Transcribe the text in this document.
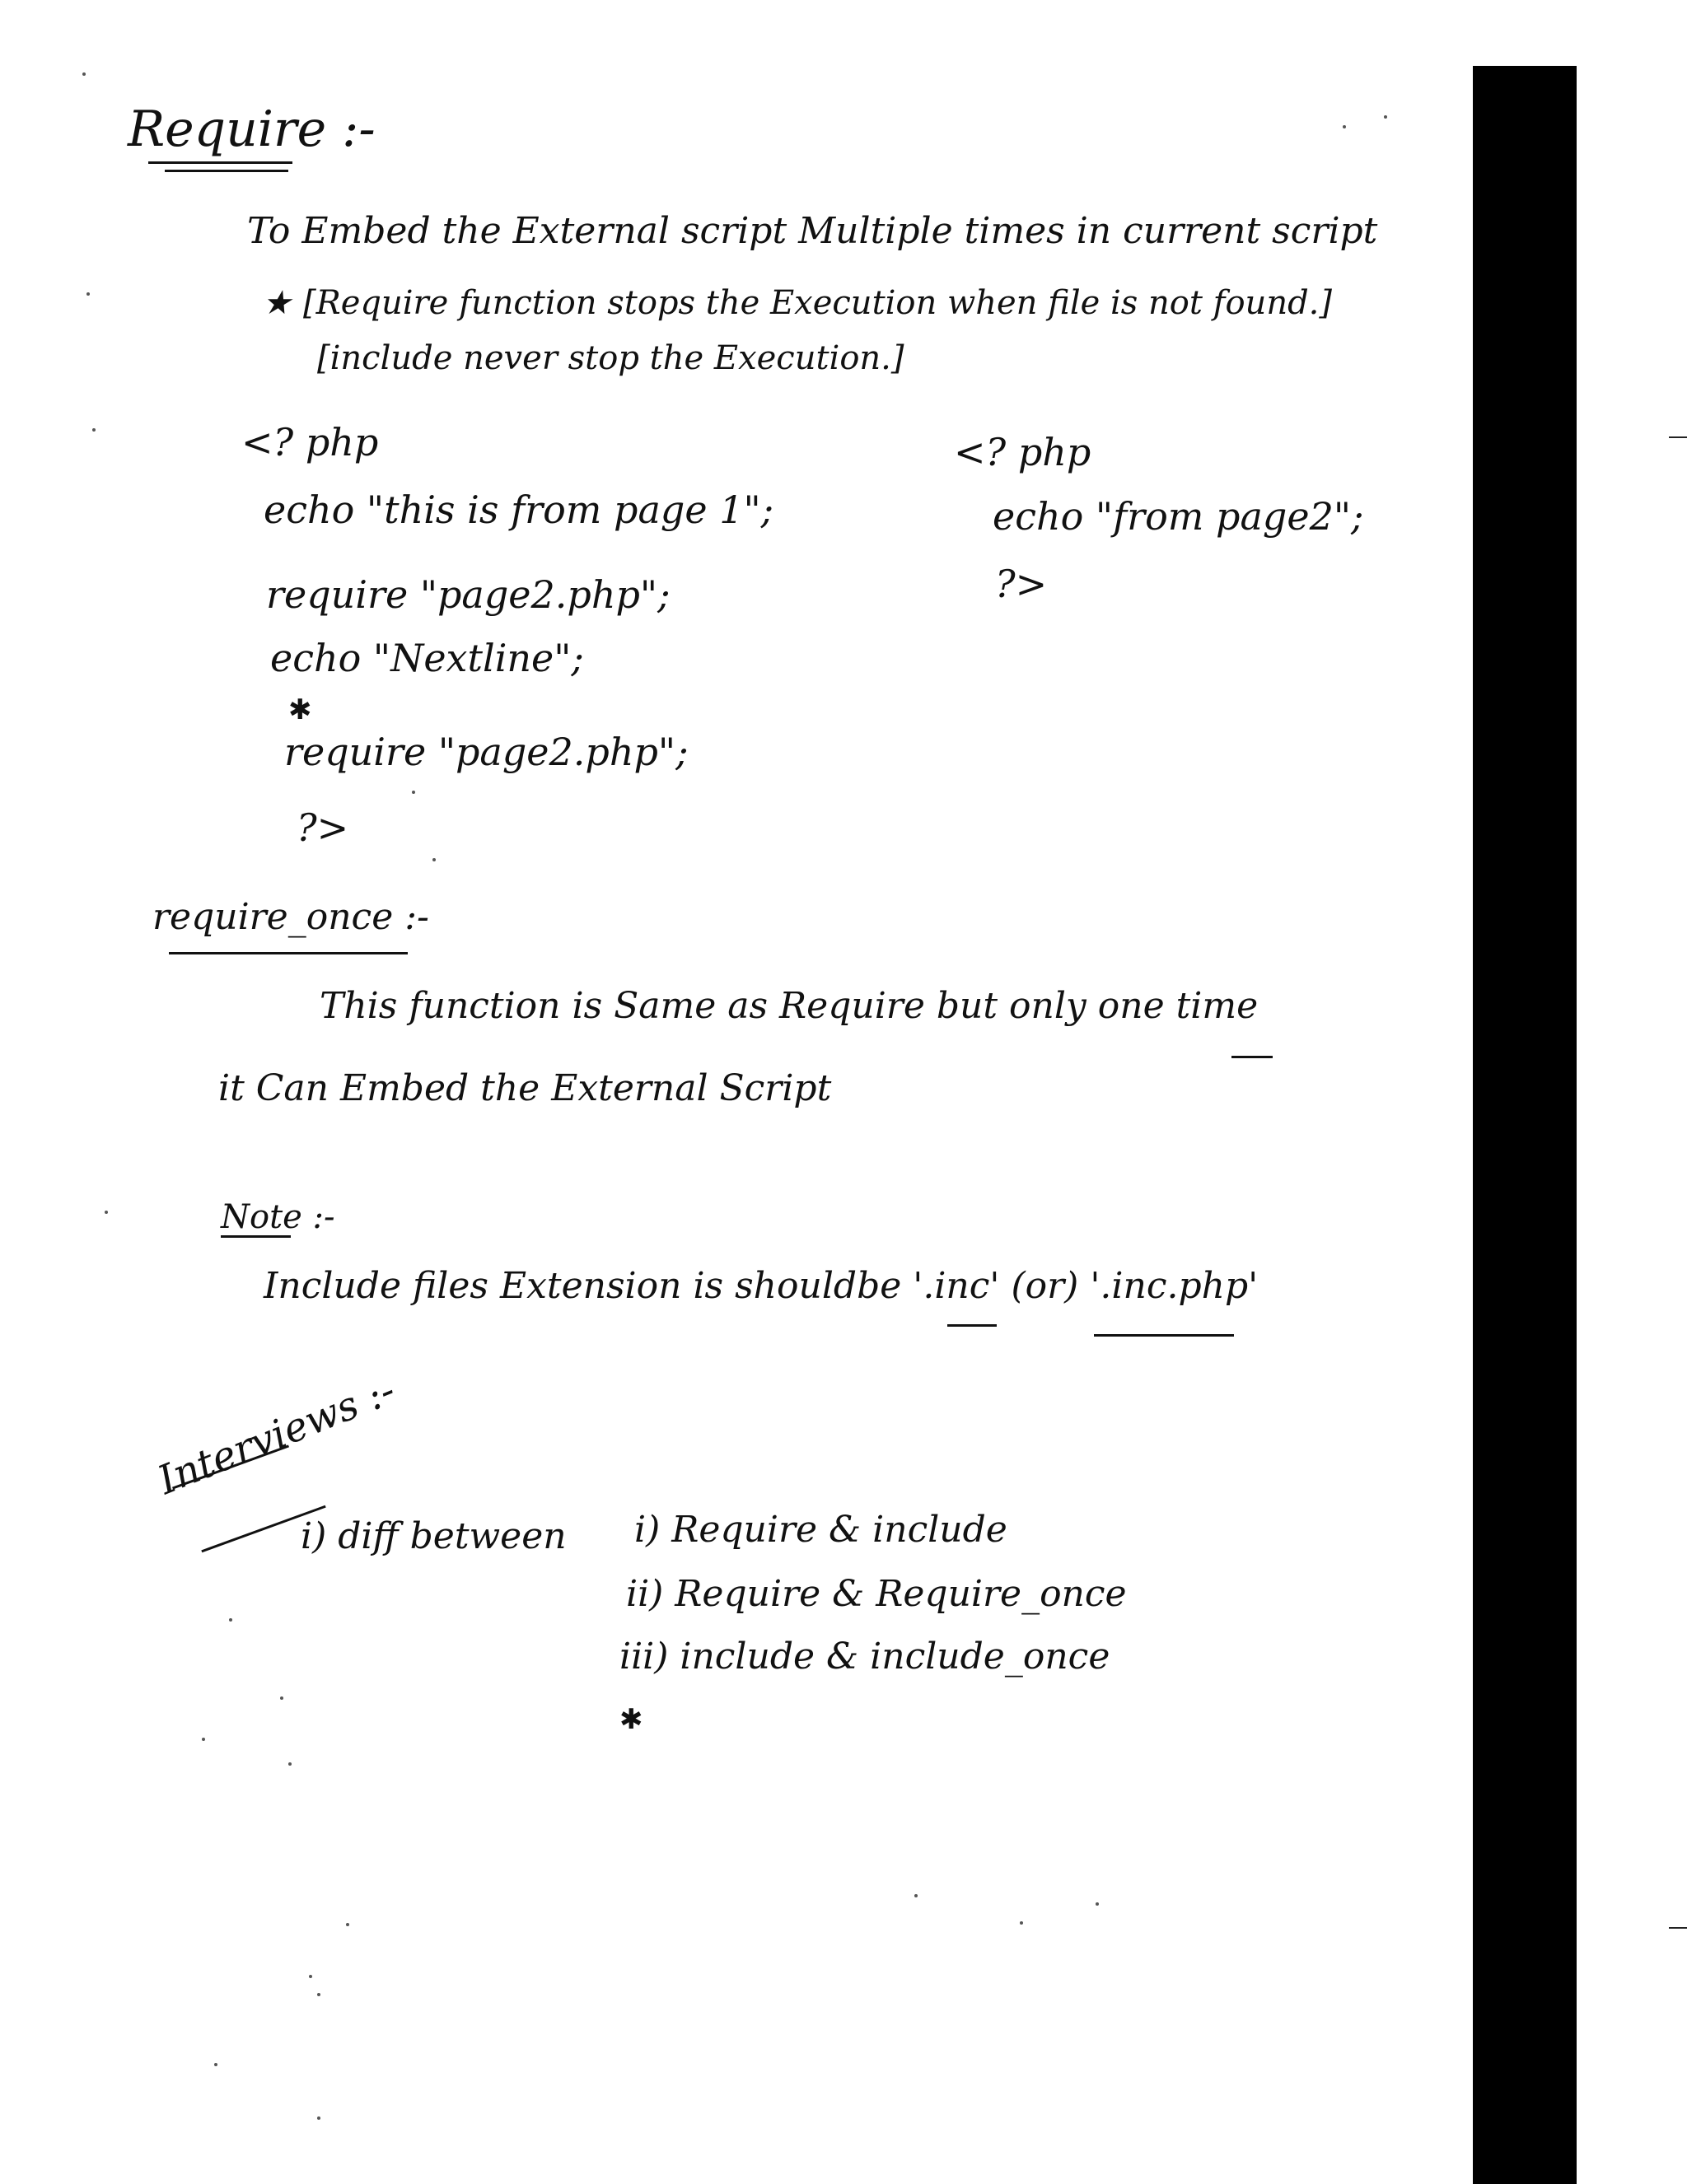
Require :-
To Embed the External script Multiple times in current script
★ [Require function stops the Execution when file is not found.]
[include never stop the Execution.]
<? php
echo "this is from page 1";
require "page2.php";
echo "Nextline";
✱
require "page2.php";
?>
<? php
echo "from page2";
?>
require_once :-
This function is Same as Require but only one time
it Can Embed the External Script
Note :-
Include files Extension is shouldbe '.inc' (or) '.inc.php'
Interviews :-
i) diff between i) Require & include
ii) Require & Require_once
iii) include & include_once
✱
